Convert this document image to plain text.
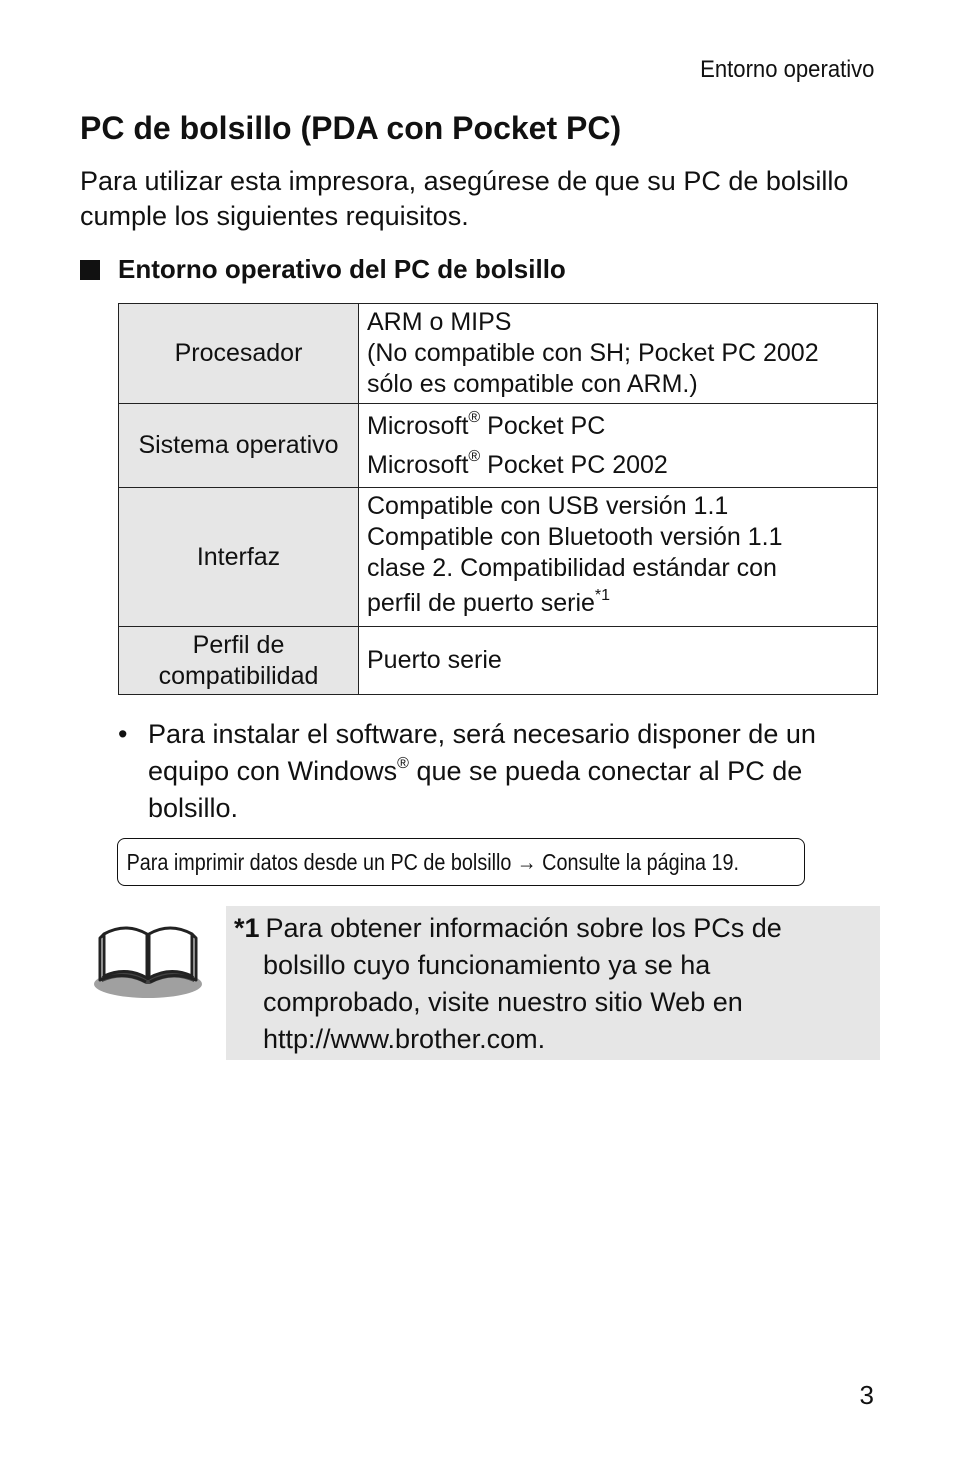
Entorno operativo
PC de bolsillo (PDA con Pocket PC)

Para utilizar esta impresora, asegúrese de que su PC de bolsillo cumple los siguientes requisitos.

Entorno operativo del PC de bolsillo
Procesador	ARM o MIPS
(No compatible con SH; Pocket PC 2002
sólo es compatible con ARM.)

Sistema operativo	Microsoft® Pocket PC
Microsoft® Pocket PC 2002

Interfaz	Compatible con USB versión 1.1
Compatible con Bluetooth versión 1.1
clase 2. Compatibilidad estándar con
perfil de puerto serie$^{*1}$

Perfil de
compatibilidad	Puerto serie
• Para instalar el software, será necesario disponer de un equipo con Windows® que se pueda conectar al PC de bolsillo.
Para imprimir datos desde un PC de bolsillo → Consulte la página 19.
*1 Para obtener información sobre los PCs de
bolsillo cuyo funcionamiento ya se ha
comprobado, visite nuestro sitio Web en
http://www.brother.com.
3
